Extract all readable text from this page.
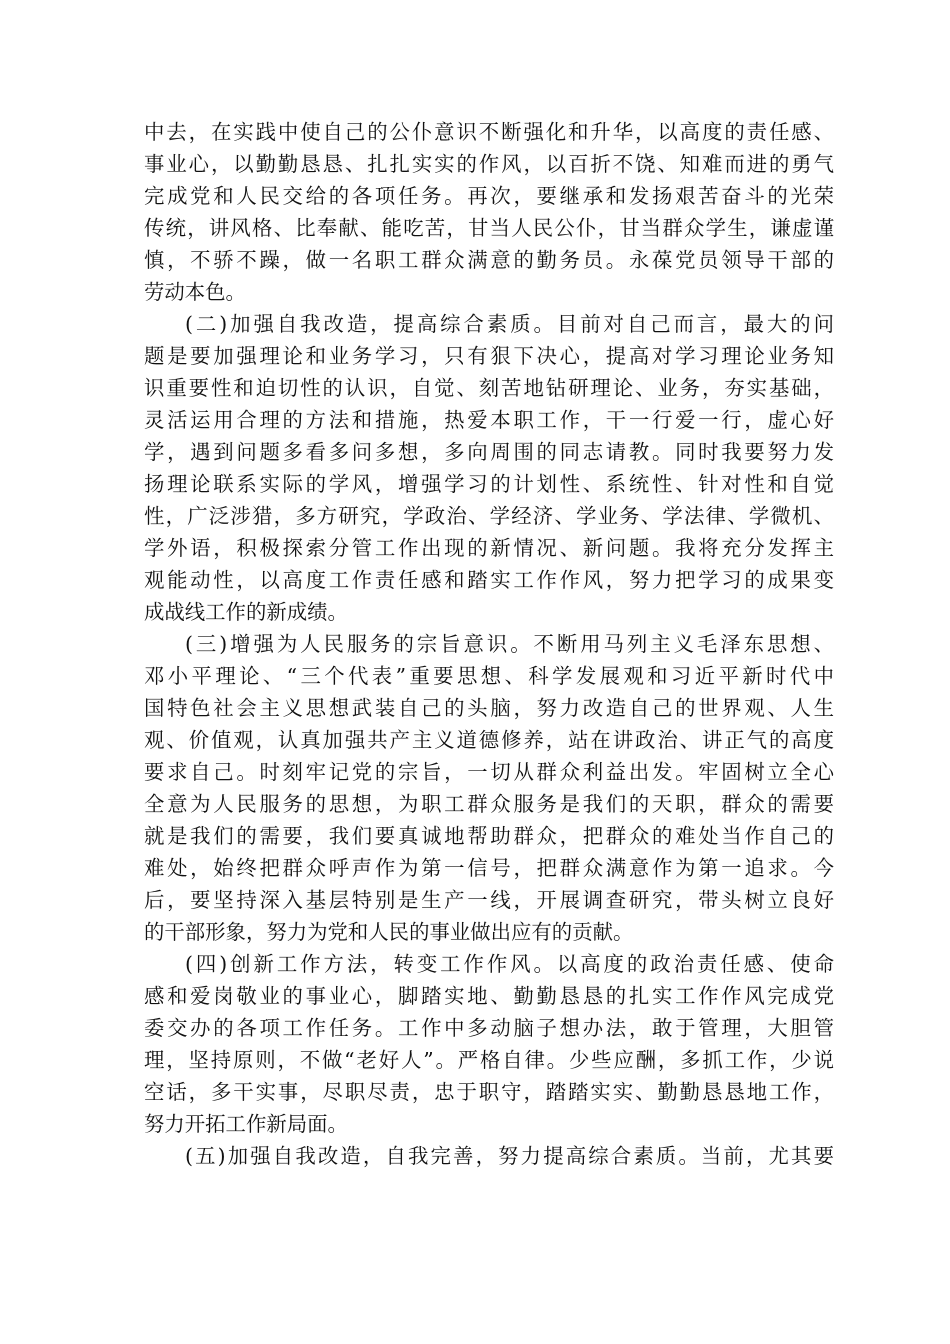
中去，在实践中使自己的公仆意识不断强化和升华，以高度的责任感、
事业心，以勤勤恳恳、扎扎实实的作风，以百折不饶、知难而进的勇气
完成党和人民交给的各项任务。再次，要继承和发扬艰苦奋斗的光荣
传统，讲风格、比奉献、能吃苦，甘当人民公仆，甘当群众学生，谦虚谨
慎，不骄不躁，做一名职工群众满意的勤务员。永葆党员领导干部的
劳动本色。
(二)加强自我改造，提高综合素质。目前对自己而言，最大的问
题是要加强理论和业务学习，只有狠下决心，提高对学习理论业务知
识重要性和迫切性的认识，自觉、刻苦地钻研理论、业务，夯实基础，
灵活运用合理的方法和措施，热爱本职工作，干一行爱一行，虚心好
学，遇到问题多看多问多想，多向周围的同志请教。同时我要努力发
扬理论联系实际的学风，增强学习的计划性、系统性、针对性和自觉
性，广泛涉猎，多方研究，学政治、学经济、学业务、学法律、学微机、
学外语，积极探索分管工作出现的新情况、新问题。我将充分发挥主
观能动性，以高度工作责任感和踏实工作作风，努力把学习的成果变
成战线工作的新成绩。
(三)增强为人民服务的宗旨意识。不断用马列主义毛泽东思想、
邓小平理论、“三个代表”重要思想、科学发展观和习近平新时代中
国特色社会主义思想武装自己的头脑，努力改造自己的世界观、人生
观、价值观，认真加强共产主义道德修养，站在讲政治、讲正气的高度
要求自己。时刻牢记党的宗旨，一切从群众利益出发。牢固树立全心
全意为人民服务的思想，为职工群众服务是我们的天职，群众的需要
就是我们的需要，我们要真诚地帮助群众，把群众的难处当作自己的
难处，始终把群众呼声作为第一信号，把群众满意作为第一追求。今
后，要坚持深入基层特别是生产一线，开展调查研究，带头树立良好
的干部形象，努力为党和人民的事业做出应有的贡献。
(四)创新工作方法，转变工作作风。以高度的政治责任感、使命
感和爱岗敬业的事业心，脚踏实地、勤勤恳恳的扎实工作作风完成党
委交办的各项工作任务。工作中多动脑子想办法，敢于管理，大胆管
理，坚持原则，不做“老好人”。严格自律。少些应酬，多抓工作，少说
空话，多干实事，尽职尽责，忠于职守，踏踏实实、勤勤恳恳地工作，
努力开拓工作新局面。
(五)加强自我改造，自我完善，努力提高综合素质。当前，尤其要
